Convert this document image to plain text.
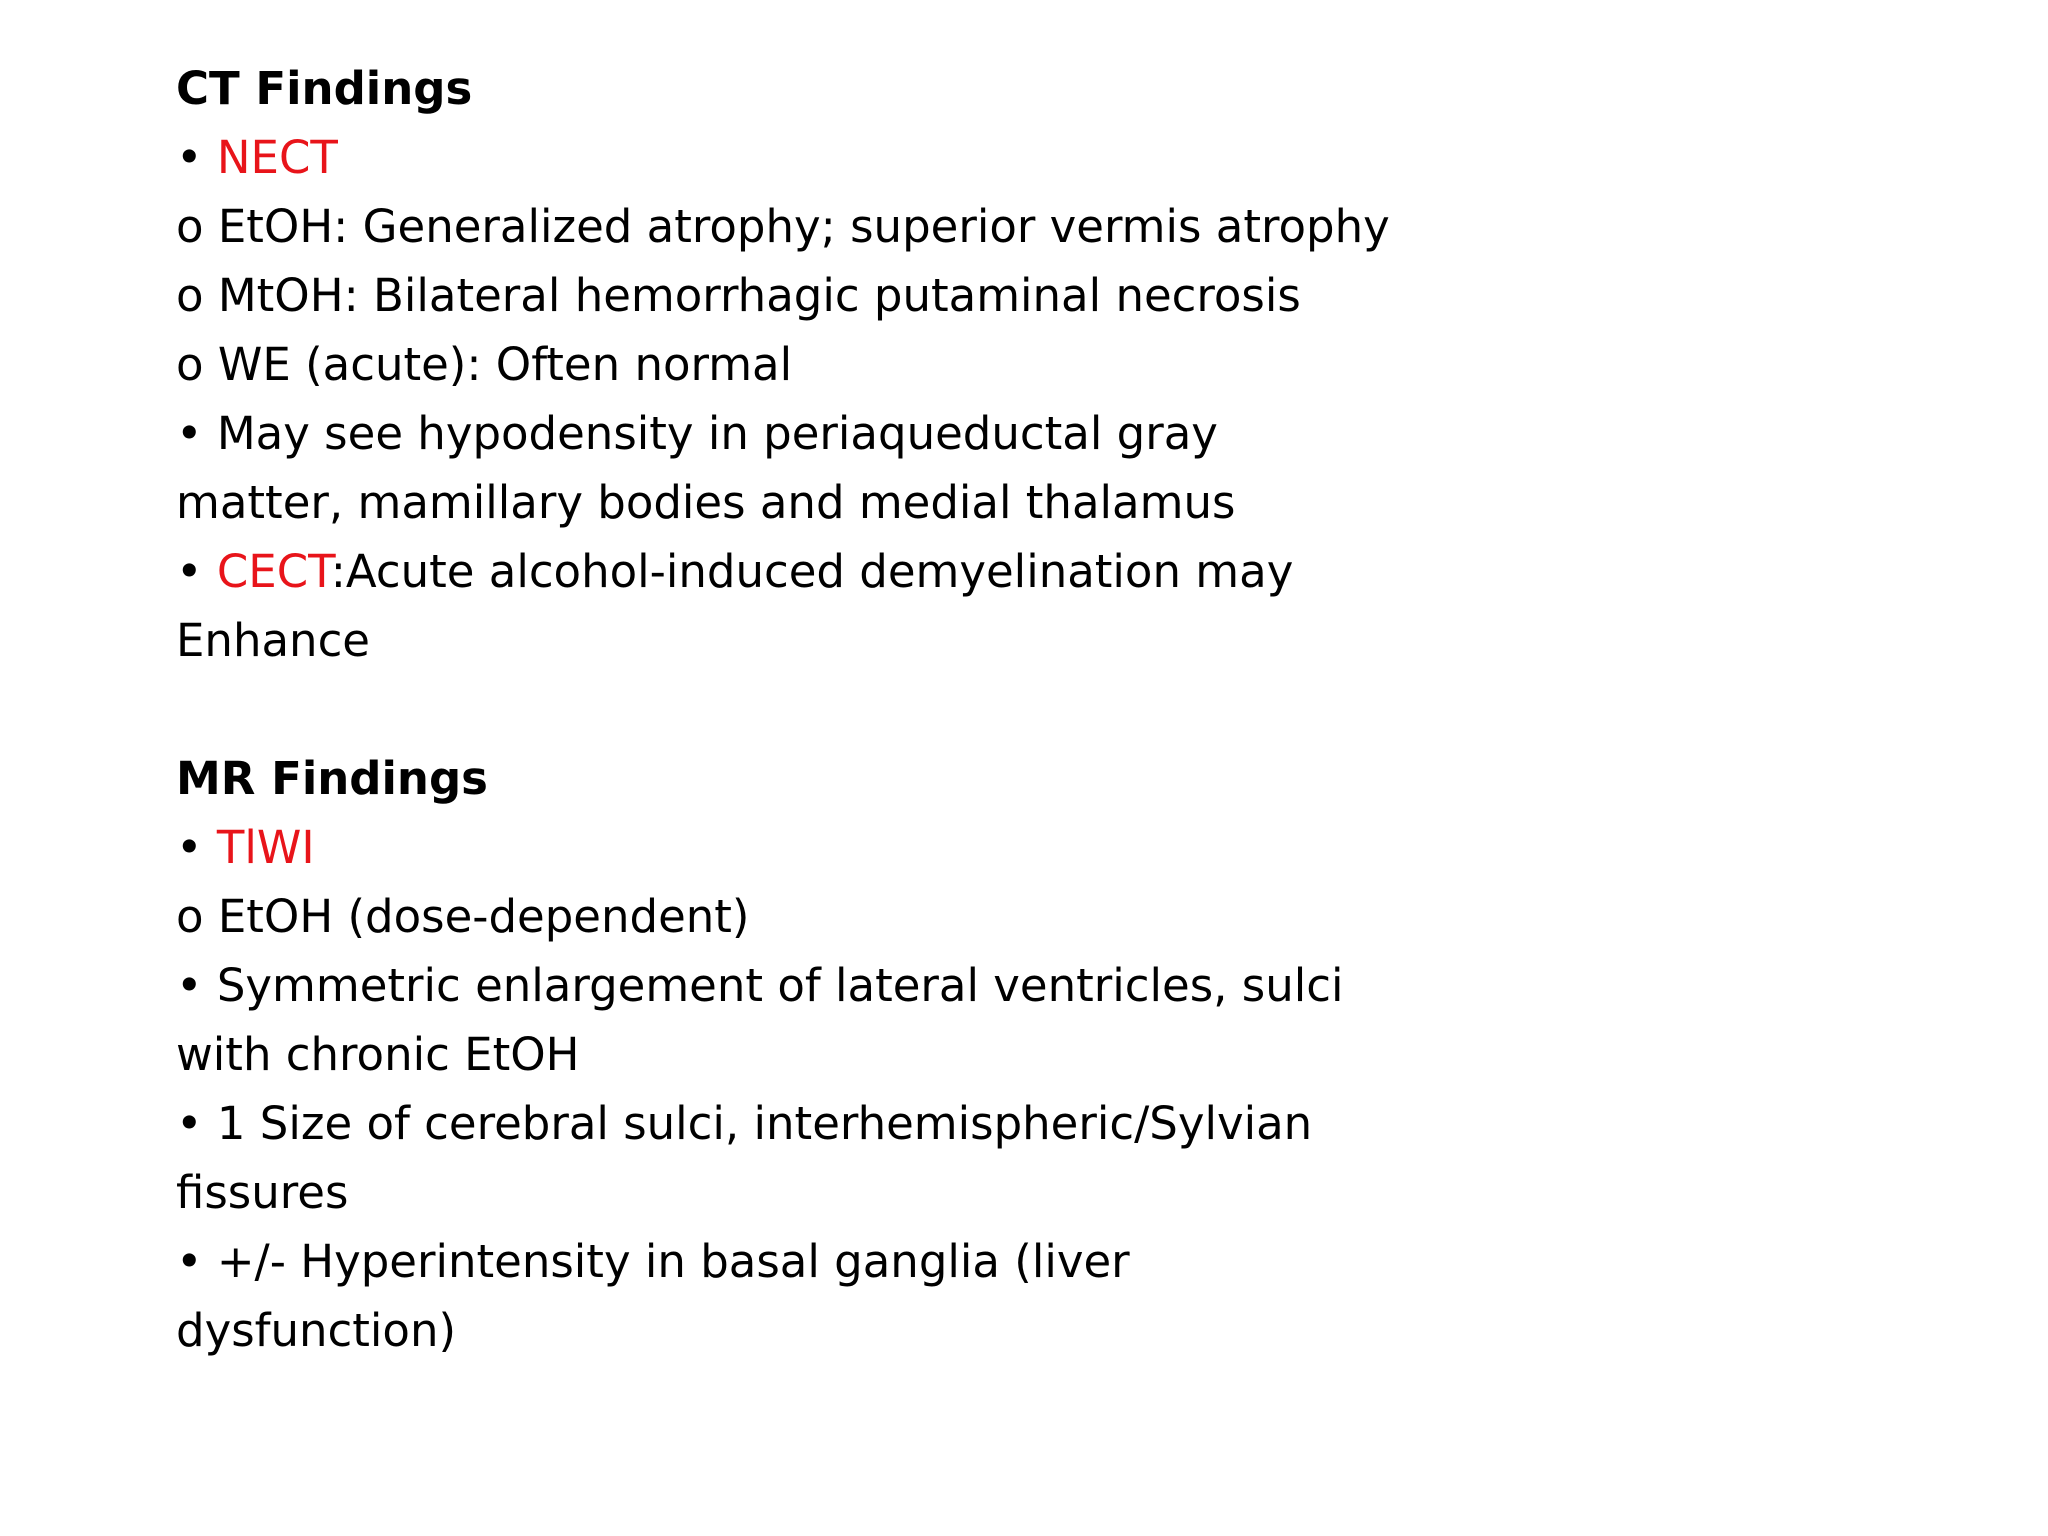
CT Findings
• NECT
o EtOH: Generalized atrophy; superior vermis atrophy
o MtOH: Bilateral hemorrhagic putaminal necrosis
o WE (acute): Often normal
• May see hypodensity in periaqueductal gray
matter, mamillary bodies and medial thalamus
• CECT:Acute alcohol-induced demyelination may
Enhance
MR Findings
• TlWI
o EtOH (dose-dependent)
• Symmetric enlargement of lateral ventricles, sulci
with chronic EtOH
• 1 Size of cerebral sulci, interhemispheric/Sylvian
fissures
• +/- Hyperintensity in basal ganglia (liver
dysfunction)
